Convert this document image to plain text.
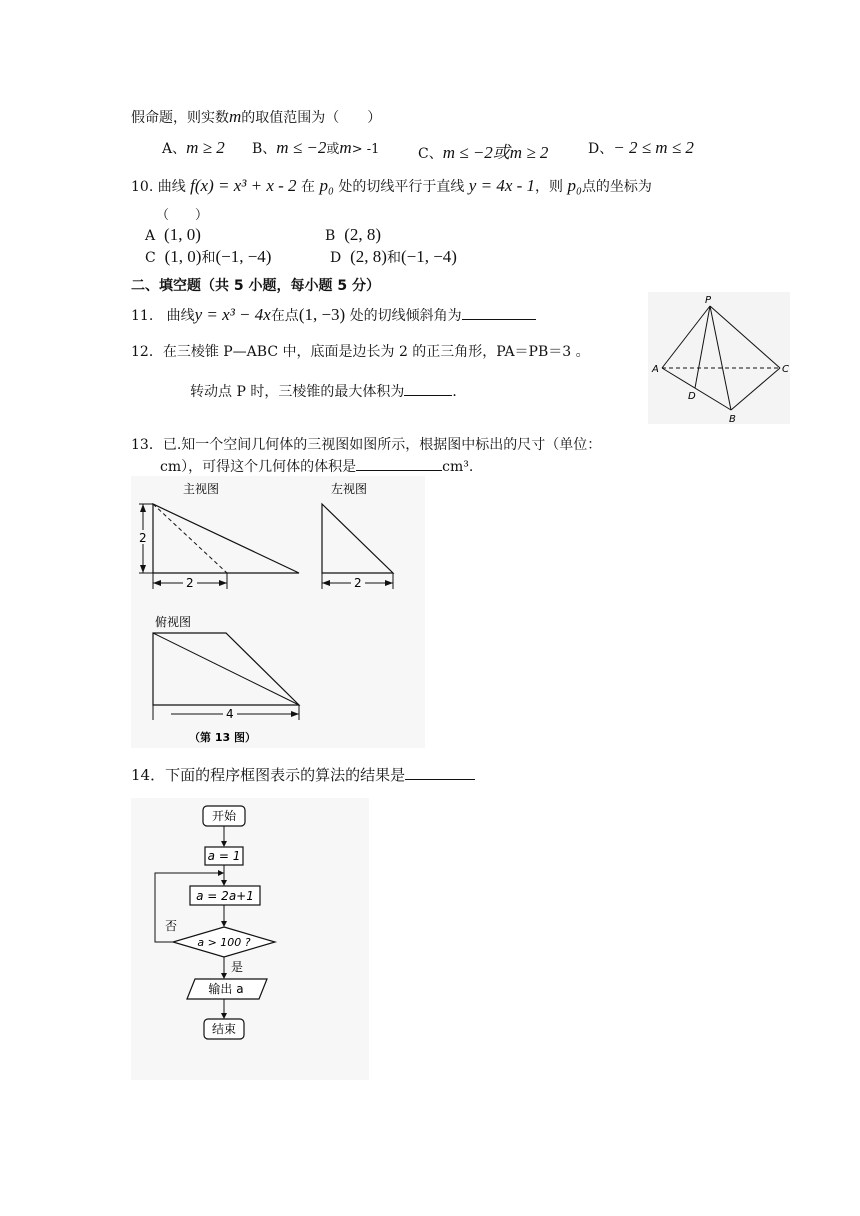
假命题，则实数m的取值范围为（　　）
A、m ≥ 2 B、m ≤ −2或m> -1	C、m ≤ −2或m ≥ 2	D、− 2 ≤ m ≤ 2
10. 曲线 f(x) = x³ + x - 2 在 p₀ 处的切线平行于直线 y = 4x - 1，则 p₀点的坐标为
（　　）
A (1, 0)	B (2, 8)
C (1, 0)和(−1, −4)	D (2, 8)和(−1, −4)
二、填空题（共 5 小题，每小题 5 分）
11. 曲线y = x³ − 4x在点(1, −3) 处的切线倾斜角为
12．在三棱锥 P—ABC 中，底面是边长为 2 的正三角形，PA＝PB＝3 。
转动点 P 时，三棱锥的最大体积为	．
P
A	C
B
D
13．已.知一个空间几何体的三视图如图所示，根据图中标出的尺寸（单位：
cm），可得这个几何体的体积是	cm³.
主视图
2
2
左视图
2
俯视图
4
（第 13 图）
14．下面的程序框图表示的算法的结果是
开始
a = 1
a = 2a+1
a > 100 ?
否
是
输出 a
结束
